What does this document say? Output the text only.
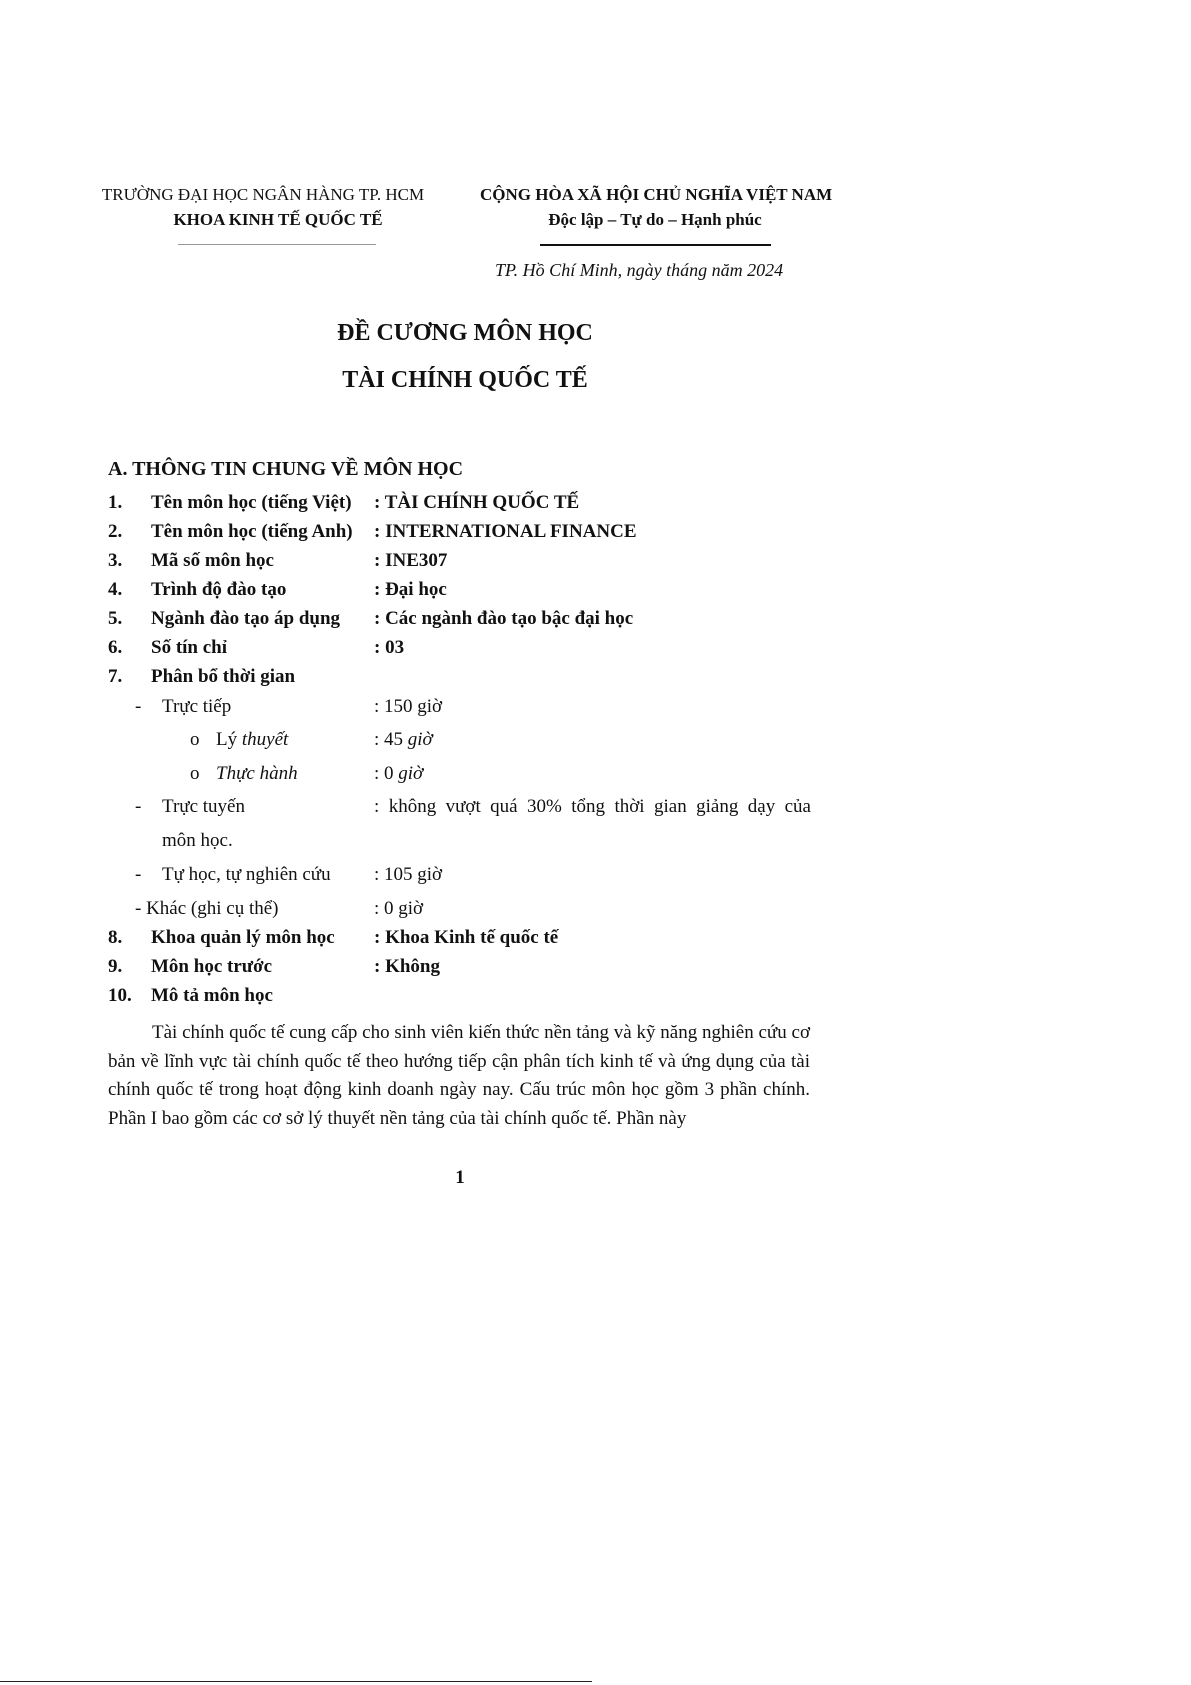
TRƯỜNG ĐẠI HỌC NGÂN HÀNG TP. HCM
KHOA KINH TẾ QUỐC TẾ
CỘNG HÒA XÃ HỘI CHỦ NGHĨA VIỆT NAM
Độc lập – Tự do – Hạnh phúc
TP. Hồ Chí Minh, ngày tháng năm 2024
ĐỀ CƯƠNG MÔN HỌC
TÀI CHÍNH QUỐC TẾ
A. THÔNG TIN CHUNG VỀ MÔN HỌC
1. Tên môn học (tiếng Việt) : TÀI CHÍNH QUỐC TẾ
2. Tên môn học (tiếng Anh) : INTERNATIONAL FINANCE
3. Mã số môn học	: INE307
4. Trình độ đào tạo	: Đại học
5. Ngành đào tạo áp dụng : Các ngành đào tạo bậc đại học
6. Số tín chỉ	: 03
7. Phân bổ thời gian
- Trực tiếp	: 150 giờ
o Lý thuyết	: 45 giờ
o Thực hành	: 0 giờ
- Trực tuyến	: không vượt quá 30% tổng thời gian giảng dạy của
môn học.
- Tự học, tự nghiên cứu : 105 giờ
- Khác (ghi cụ thể)	: 0 giờ
8. Khoa quản lý môn học : Khoa Kinh tế quốc tế
9. Môn học trước	: Không
10. Mô tả môn học

Tài chính quốc tế cung cấp cho sinh viên kiến thức nền tảng và kỹ năng nghiên cứu cơ bản về lĩnh vực tài chính quốc tế theo hướng tiếp cận phân tích kinh tế và ứng dụng của tài chính quốc tế trong hoạt động kinh doanh ngày nay. Cấu trúc môn học gồm 3 phần chính. Phần I bao gồm các cơ sở lý thuyết nền tảng của tài chính quốc tế. Phần này

1
